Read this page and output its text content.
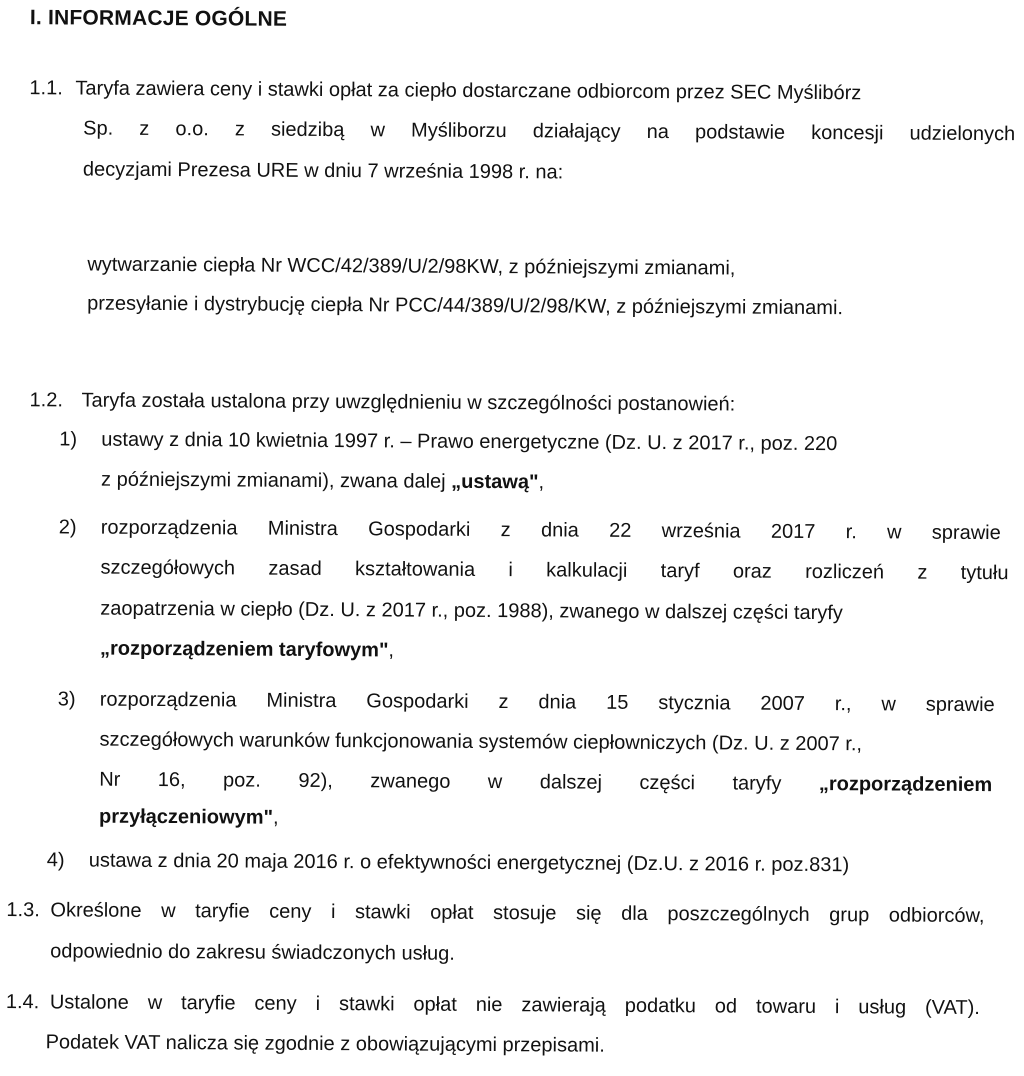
I. INFORMACJE OGÓLNE
1.1. Taryfa zawiera ceny i stawki opłat za ciepło dostarczane odbiorcom przez SEC Myślibórz
Sp. z o.o. z siedzibą w Myśliborzu działający na podstawie koncesji udzielonych
decyzjami Prezesa URE w dniu 7 września 1998 r. na:
wytwarzanie ciepła Nr WCC/42/389/U/2/98KW, z późniejszymi zmianami,
przesyłanie i dystrybucję ciepła Nr PCC/44/389/U/2/98/KW, z późniejszymi zmianami.
1.2. Taryfa została ustalona przy uwzględnieniu w szczególności postanowień:
1) ustawy z dnia 10 kwietnia 1997 r. – Prawo energetyczne (Dz. U. z 2017 r., poz. 220
z późniejszymi zmianami), zwana dalej „ustawą",
2) rozporządzenia Ministra Gospodarki z dnia 22 września 2017 r. w sprawie
szczegółowych zasad kształtowania i kalkulacji taryf oraz rozliczeń z tytułu
zaopatrzenia w ciepło (Dz. U. z 2017 r., poz. 1988), zwanego w dalszej części taryfy
„rozporządzeniem taryfowym",
3) rozporządzenia Ministra Gospodarki z dnia 15 stycznia 2007 r., w sprawie
szczegółowych warunków funkcjonowania systemów ciepłowniczych (Dz. U. z 2007 r.,
Nr 16, poz. 92), zwanego w dalszej części taryfy „rozporządzeniem
przyłączeniowym",
4) ustawa z dnia 20 maja 2016 r. o efektywności energetycznej (Dz.U. z 2016 r. poz.831)
1.3. Określone w taryfie ceny i stawki opłat stosuje się dla poszczególnych grup odbiorców,
odpowiednio do zakresu świadczonych usług.
1.4. Ustalone w taryfie ceny i stawki opłat nie zawierają podatku od towaru i usług (VAT).
Podatek VAT nalicza się zgodnie z obowiązującymi przepisami.
